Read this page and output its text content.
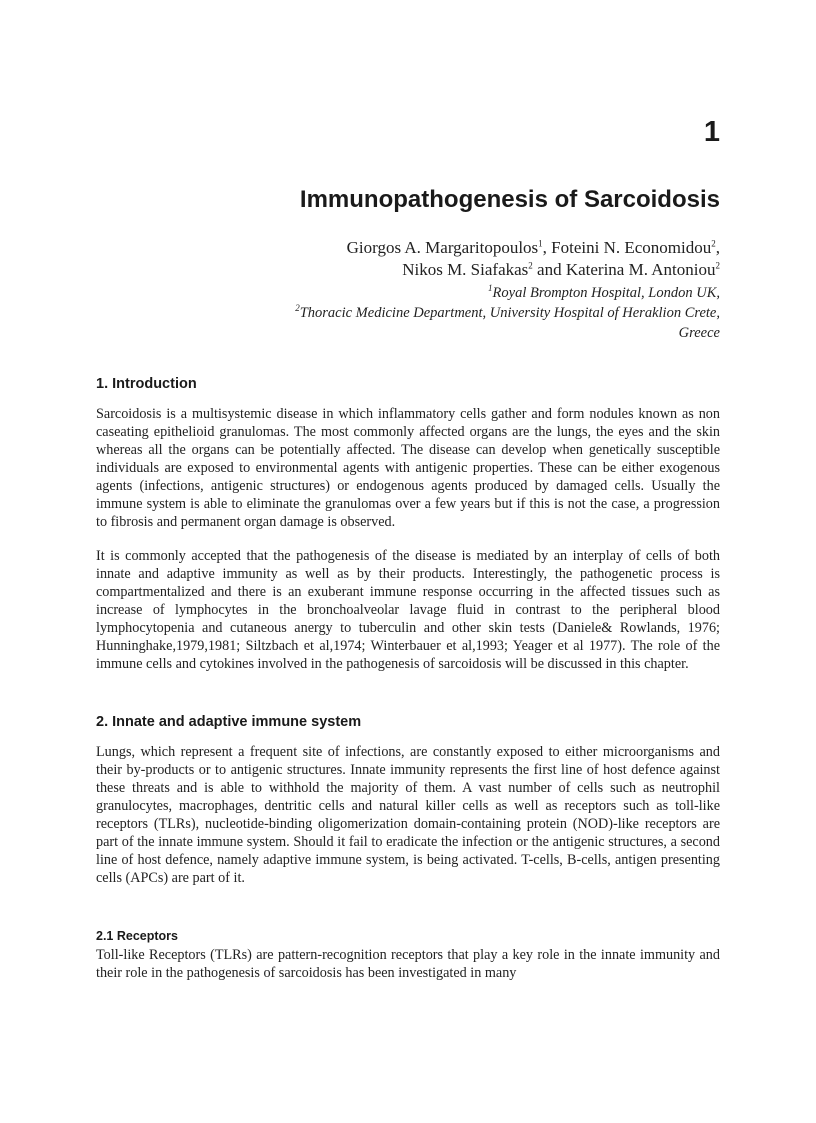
1
Immunopathogenesis of Sarcoidosis
Giorgos A. Margaritopoulos$^1$, Foteini N. Economidou$^2$,
Nikos M. Siafakas$^2$ and Katerina M. Antoniou$^2$
$^1$Royal Brompton Hospital, London UK,
$^2$Thoracic Medicine Department, University Hospital of Heraklion Crete,
Greece
1. Introduction

Sarcoidosis is a multisystemic disease in which inflammatory cells gather and form nodules known as non caseating epithelioid granulomas. The most commonly affected organs are the lungs, the eyes and the skin whereas all the organs can be potentially affected. The disease can develop when genetically susceptible individuals are exposed to environmental agents with antigenic properties. These can be either exogenous agents (infections, antigenic structures) or endogenous agents produced by damaged cells. Usually the immune system is able to eliminate the granulomas over a few years but if this is not the case, a progression to fibrosis and permanent organ damage is observed.

It is commonly accepted that the pathogenesis of the disease is mediated by an interplay of cells of both innate and adaptive immunity as well as by their products. Interestingly, the pathogenetic process is compartmentalized and there is an exuberant immune response occurring in the affected tissues such as increase of lymphocytes in the bronchoalveolar lavage fluid in contrast to the peripheral blood lymphocytopenia and cutaneous anergy to tuberculin and other skin tests (Daniele& Rowlands, 1976; Hunninghake,1979,1981; Siltzbach et al,1974; Winterbauer et al,1993; Yeager et al 1977). The role of the immune cells and cytokines involved in the pathogenesis of sarcoidosis will be discussed in this chapter.

2. Innate and adaptive immune system

Lungs, which represent a frequent site of infections, are constantly exposed to either microorganisms and their by-products or to antigenic structures. Innate immunity represents the first line of host defence against these threats and is able to withhold the majority of them. A vast number of cells such as neutrophil granulocytes, macrophages, dentritic cells and natural killer cells as well as receptors such as toll-like receptors (TLRs), nucleotide-binding oligomerization domain-containing protein (NOD)-like receptors are part of the innate immune system. Should it fail to eradicate the infection or the antigenic structures, a second line of host defence, namely adaptive immune system, is being activated. T-cells, B-cells, antigen presenting cells (APCs) are part of it.

2.1 Receptors

Toll-like Receptors (TLRs) are pattern-recognition receptors that play a key role in the innate immunity and their role in the pathogenesis of sarcoidosis has been investigated in many
